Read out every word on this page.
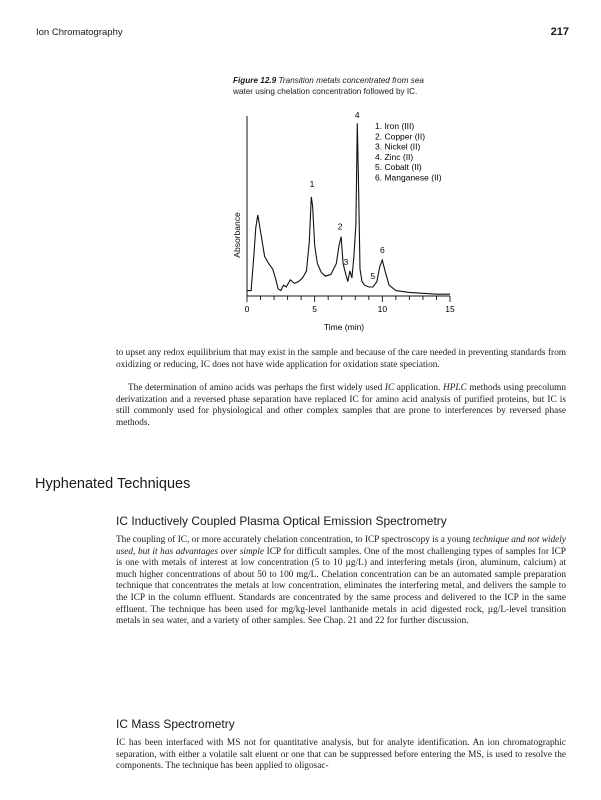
Ion Chromatography	217
Figure 12.9 Transition metals concentrated from sea
water using chelation concentration followed by IC.
0	5	10	15
1
2
3
4
5
6
Absorbance
Time (min)
1. Iron (III)
2. Copper (II)
3. Nickel (II)
4. Zinc (II)
5. Cobalt (II)
6. Manganese (II)

to upset any redox equilibrium that may exist in the sample and because of the care needed in preventing standards from oxidizing or reducing, IC does not have wide application for oxidation state speciation.

The determination of amino acids was perhaps the first widely used IC application. HPLC methods using precolumn derivatization and a reversed phase separation have replaced IC for amino acid analysis of purified proteins, but IC is still commonly used for physiological and other complex samples that are prone to interferences by reversed phase methods.

Hyphenated Techniques
IC Inductively Coupled Plasma Optical Emission Spectrometry

The coupling of IC, or more accurately chelation concentration, to ICP spectroscopy is a young technique and not widely used, but it has advantages over simple ICP for difficult samples. One of the most challenging types of samples for ICP is one with metals of interest at low concentration (5 to 10 µg/L) and interfering metals (iron, aluminum, calcium) at much higher concentrations of about 50 to 100 mg/L. Chelation concentration can be an automated sample preparation technique that concentrates the metals at low concentration, eliminates the interfering metal, and delivers the sample to the ICP in the column effluent. Standards are concentrated by the same process and delivered to the ICP in the same effluent. The technique has been used for mg/kg-level lanthanide metals in acid digested rock, µg/L-level transition metals in sea water, and a variety of other samples. See Chap. 21 and 22 for further discussion.

IC Mass Spectrometry

IC has been interfaced with MS not for quantitative analysis, but for analyte identification. An ion chromatographic separation, with either a volatile salt eluent or one that can be suppressed before entering the MS, is used to resolve the components. The technique has been applied to oligosac-
